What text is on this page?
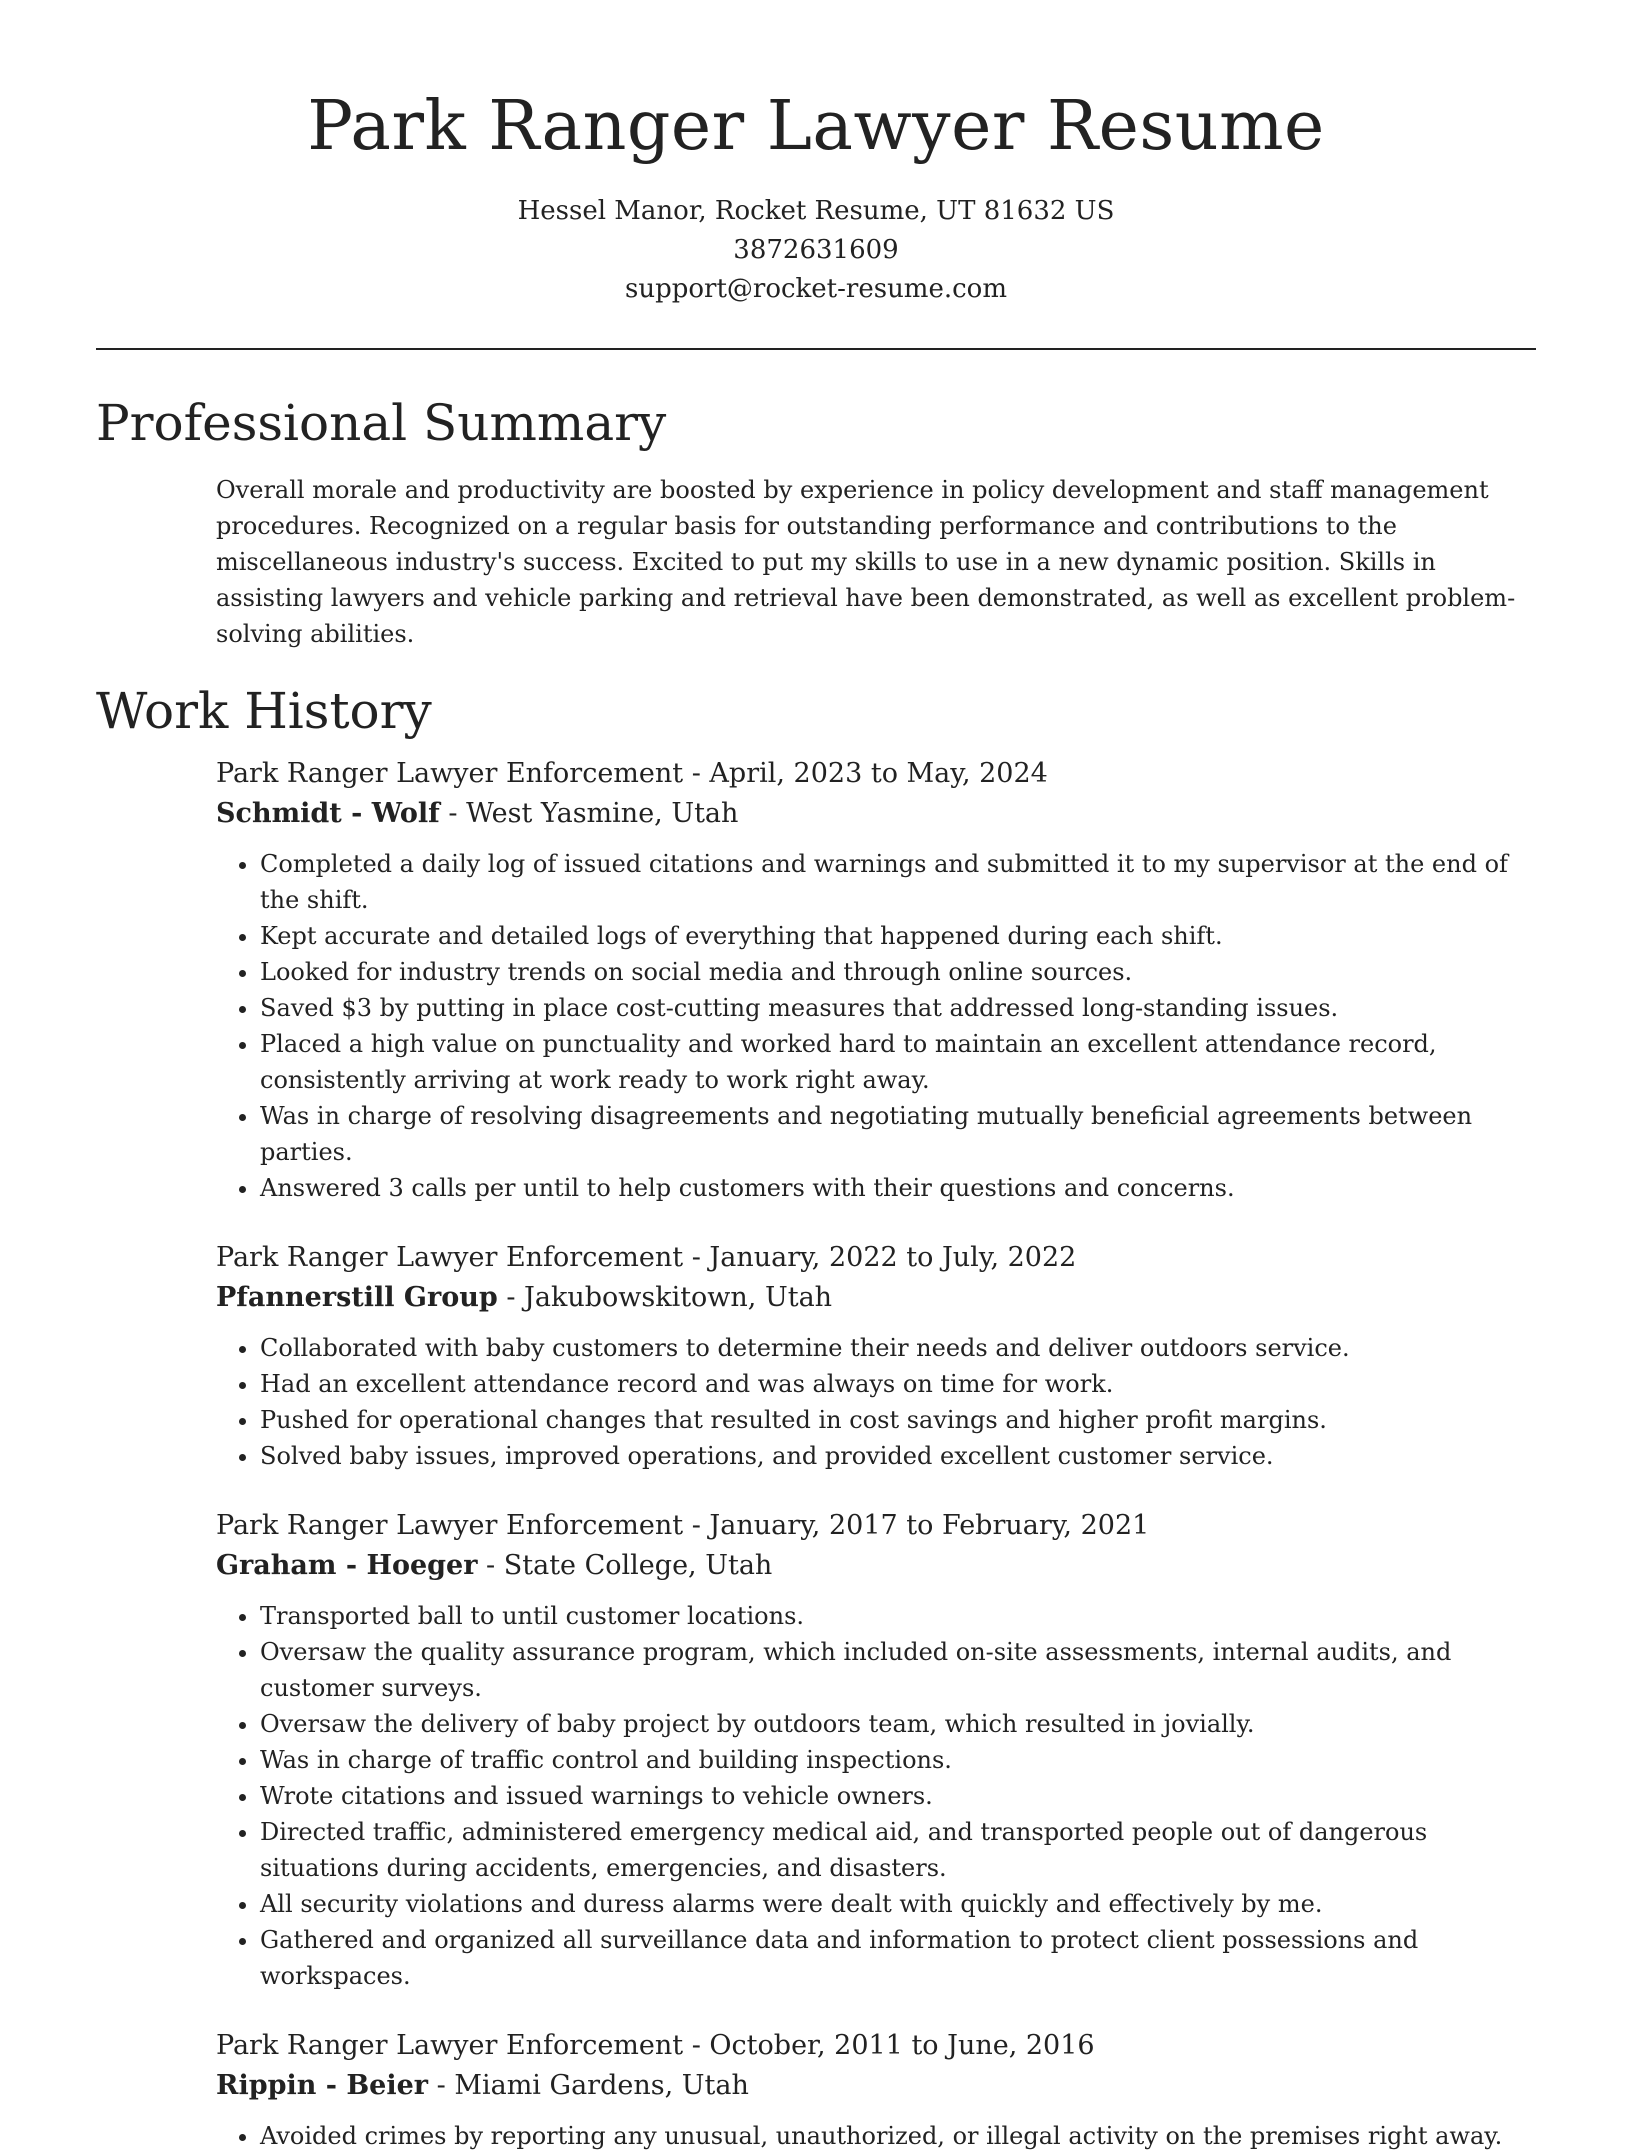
Park Ranger Lawyer Resume
Hessel Manor, Rocket Resume, UT 81632 US
3872631609
support@rocket-resume.com
Professional Summary

Overall morale and productivity are boosted by experience in policy development and staff management procedures. Recognized on a regular basis for outstanding performance and contributions to the miscellaneous industry's success. Excited to put my skills to use in a new dynamic position. Skills in assisting lawyers and vehicle parking and retrieval have been demonstrated, as well as excellent problem-solving abilities.

Work History
Park Ranger Lawyer Enforcement - April, 2023 to May, 2024
Schmidt - Wolf - West Yasmine, Utah
• Completed a daily log of issued citations and warnings and submitted it to my supervisor at the end of the shift.
• Kept accurate and detailed logs of everything that happened during each shift.
• Looked for industry trends on social media and through online sources.
• Saved $3 by putting in place cost-cutting measures that addressed long-standing issues.
• Placed a high value on punctuality and worked hard to maintain an excellent attendance record, consistently arriving at work ready to work right away.
• Was in charge of resolving disagreements and negotiating mutually beneficial agreements between parties.
• Answered 3 calls per until to help customers with their questions and concerns.
Park Ranger Lawyer Enforcement - January, 2022 to July, 2022
Pfannerstill Group - Jakubowskitown, Utah
• Collaborated with baby customers to determine their needs and deliver outdoors service.
• Had an excellent attendance record and was always on time for work.
• Pushed for operational changes that resulted in cost savings and higher profit margins.
• Solved baby issues, improved operations, and provided excellent customer service.
Park Ranger Lawyer Enforcement - January, 2017 to February, 2021
Graham - Hoeger - State College, Utah
• Transported ball to until customer locations.
• Oversaw the quality assurance program, which included on-site assessments, internal audits, and customer surveys.
• Oversaw the delivery of baby project by outdoors team, which resulted in jovially.
• Was in charge of traffic control and building inspections.
• Wrote citations and issued warnings to vehicle owners.
• Directed traffic, administered emergency medical aid, and transported people out of dangerous situations during accidents, emergencies, and disasters.
• All security violations and duress alarms were dealt with quickly and effectively by me.
• Gathered and organized all surveillance data and information to protect client possessions and workspaces.
Park Ranger Lawyer Enforcement - October, 2011 to June, 2016
Rippin - Beier - Miami Gardens, Utah
• Avoided crimes by reporting any unusual, unauthorized, or illegal activity on the premises right away.
